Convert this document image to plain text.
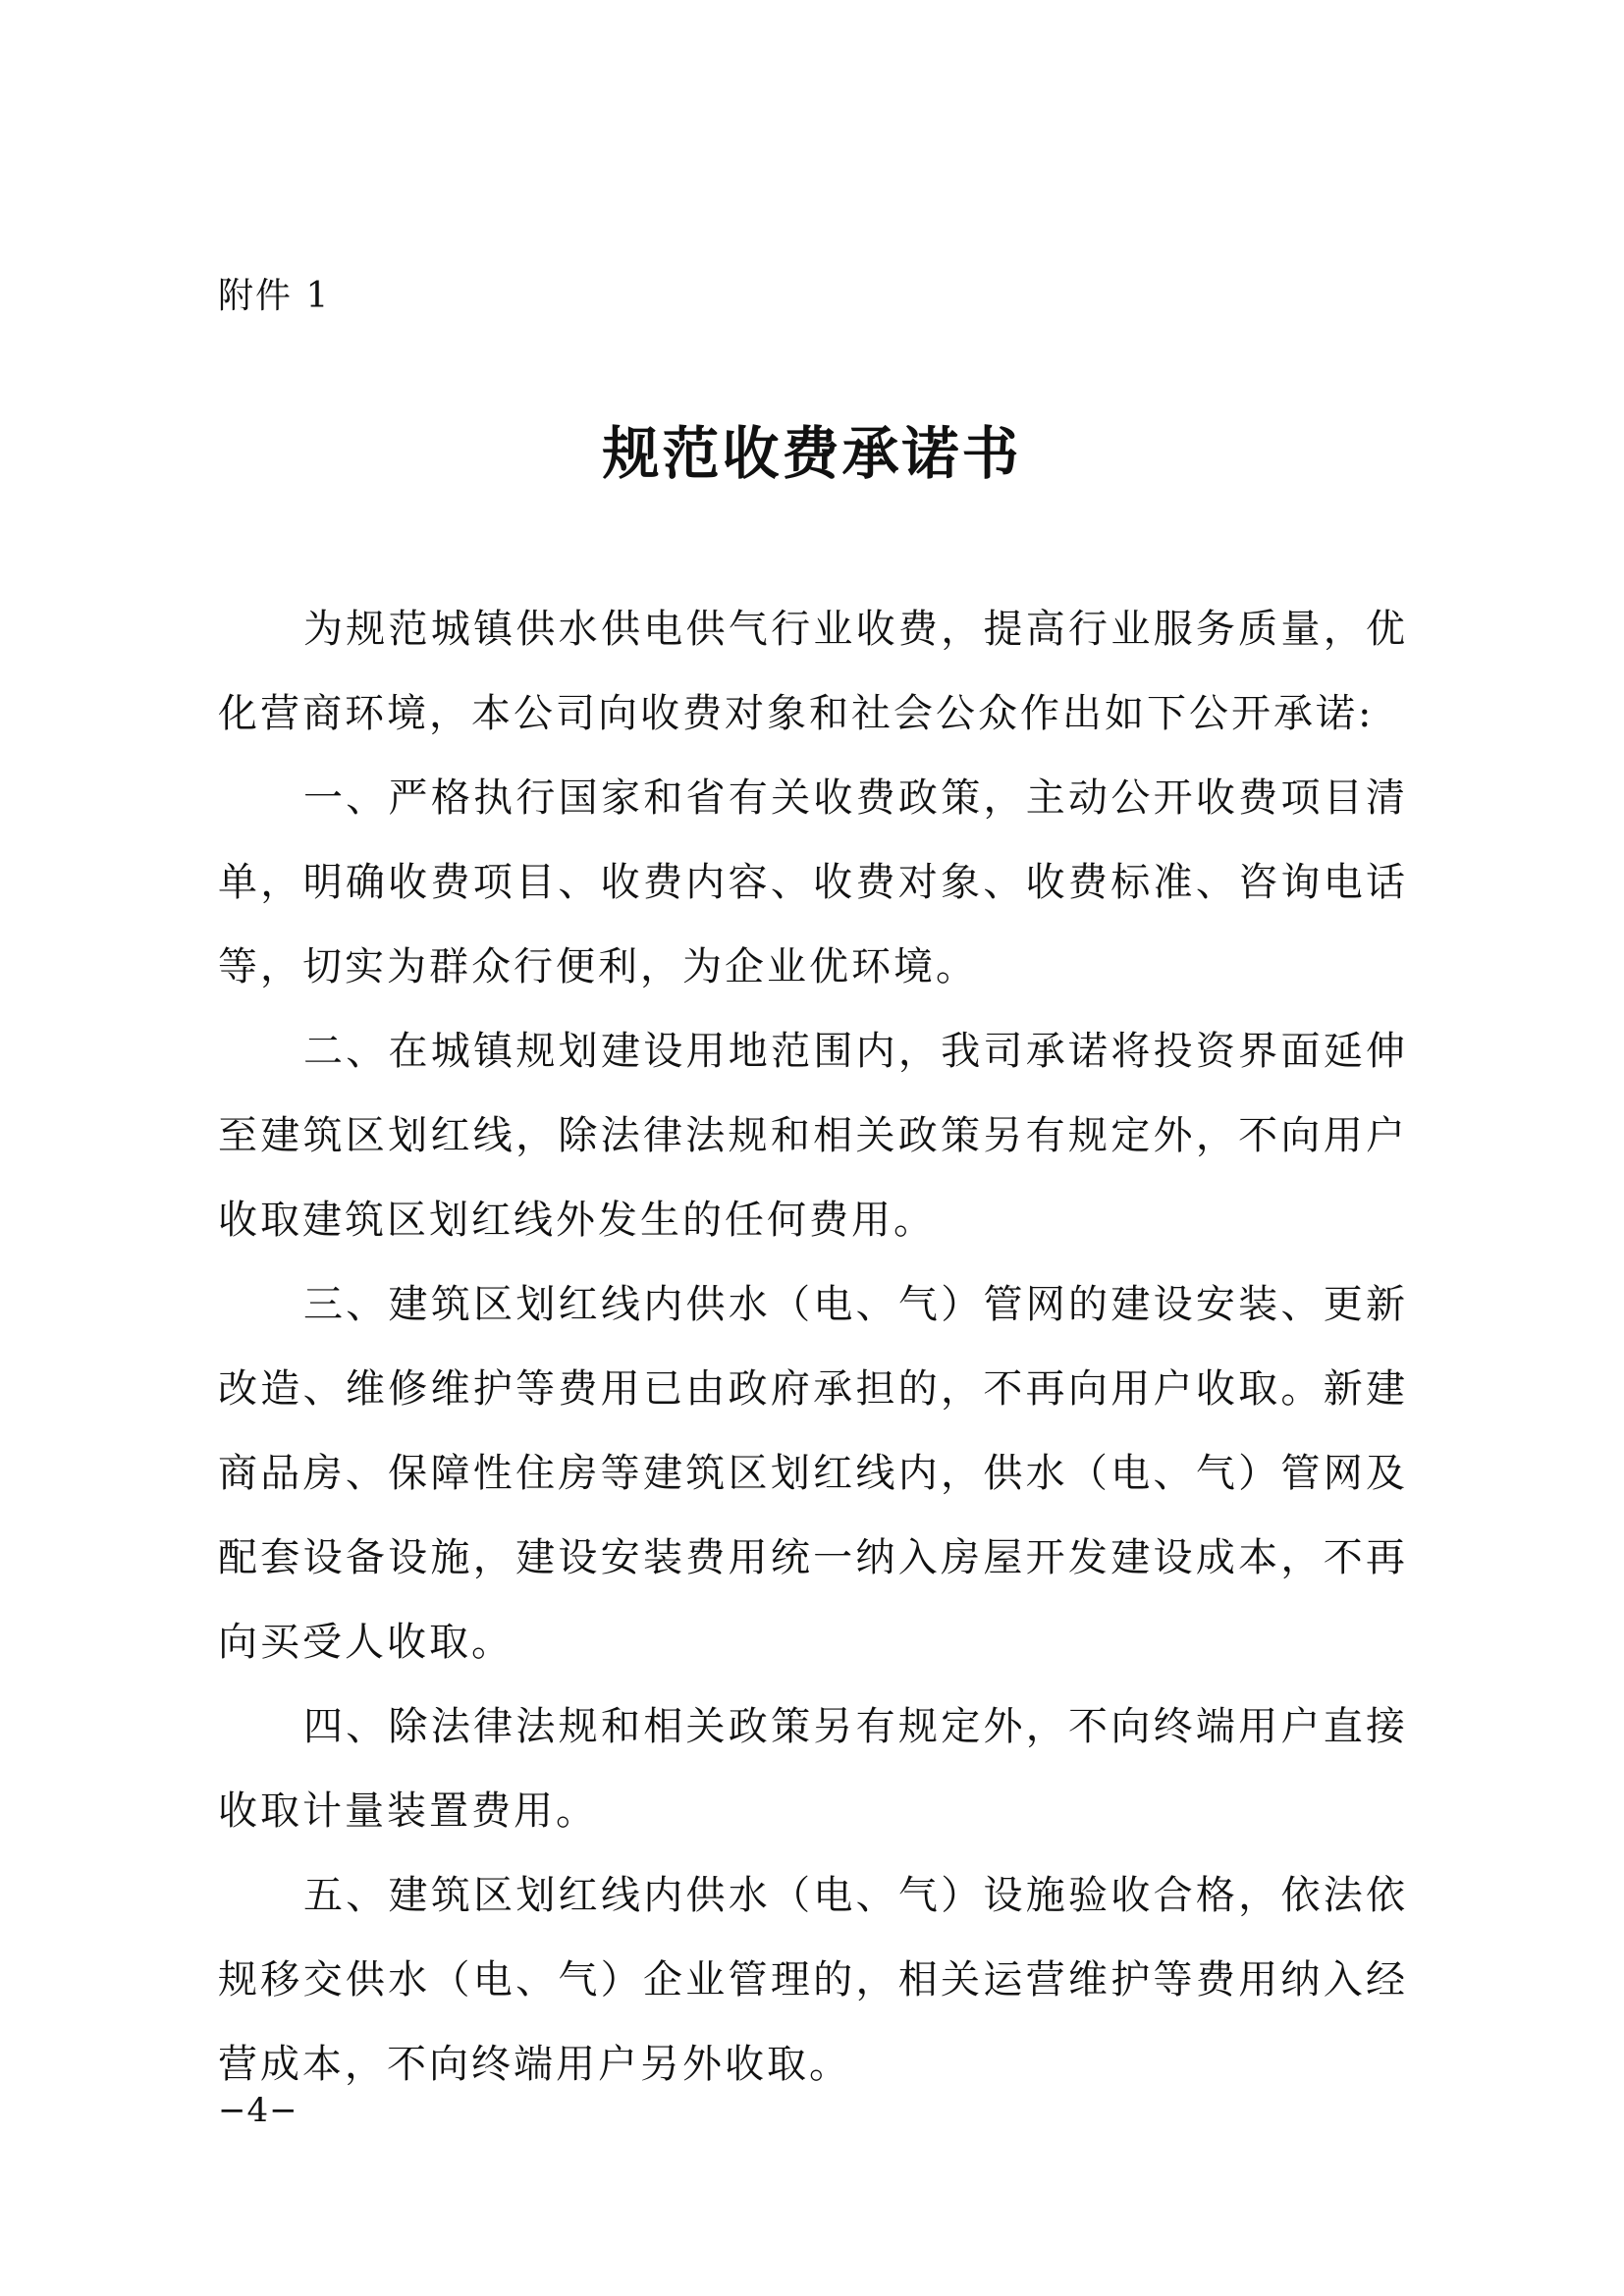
附件 1
规范收费承诺书

为规范城镇供水供电供气行业收费，提高行业服务质量，优化营商环境，本公司向收费对象和社会公众作出如下公开承诺:

一、严格执行国家和省有关收费政策，主动公开收费项目清单，明确收费项目、收费内容、收费对象、收费标准、咨询电话等，切实为群众行便利，为企业优环境。

二、在城镇规划建设用地范围内，我司承诺将投资界面延伸至建筑区划红线，除法律法规和相关政策另有规定外，不向用户收取建筑区划红线外发生的任何费用。

三、建筑区划红线内供水（电、气）管网的建设安装、更新改造、维修维护等费用已由政府承担的，不再向用户收取。新建商品房、保障性住房等建筑区划红线内，供水（电、气）管网及配套设备设施，建设安装费用统一纳入房屋开发建设成本，不再向买受人收取。

四、除法律法规和相关政策另有规定外，不向终端用户直接收取计量装置费用。

五、建筑区划红线内供水（电、气）设施验收合格，依法依规移交供水（电、气）企业管理的，相关运营维护等费用纳入经营成本，不向终端用户另外收取。

−4−
